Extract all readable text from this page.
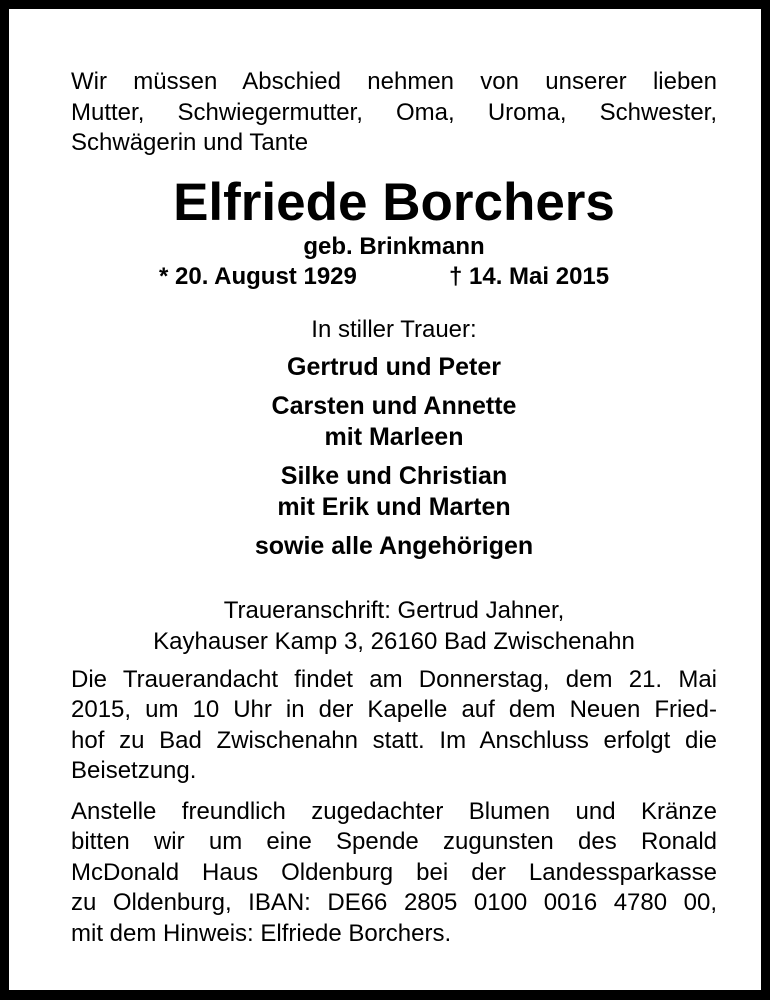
Wir müssen Abschied nehmen von unserer lieben
Mutter, Schwiegermutter, Oma, Uroma, Schwester,
Schwägerin und Tante

Elfriede Borchers
geb. Brinkmann
* 20. August 1929	† 14. Mai 2015
In stiller Trauer:
Gertrud und Peter
Carsten und Annette
mit Marleen
Silke und Christian
mit Erik und Marten
sowie alle Angehörigen
Traueranschrift: Gertrud Jahner,
Kayhauser Kamp 3, 26160 Bad Zwischenahn
Die Trauerandacht findet am Donnerstag, dem 21. Mai
2015, um 10 Uhr in der Kapelle auf dem Neuen Fried-
hof zu Bad Zwischenahn statt. Im Anschluss erfolgt die
Beisetzung.
Anstelle freundlich zugedachter Blumen und Kränze
bitten wir um eine Spende zugunsten des Ronald
McDonald Haus Oldenburg bei der Landessparkasse
zu Oldenburg, IBAN: DE66 2805 0100 0016 4780 00,
mit dem Hinweis: Elfriede Borchers.
